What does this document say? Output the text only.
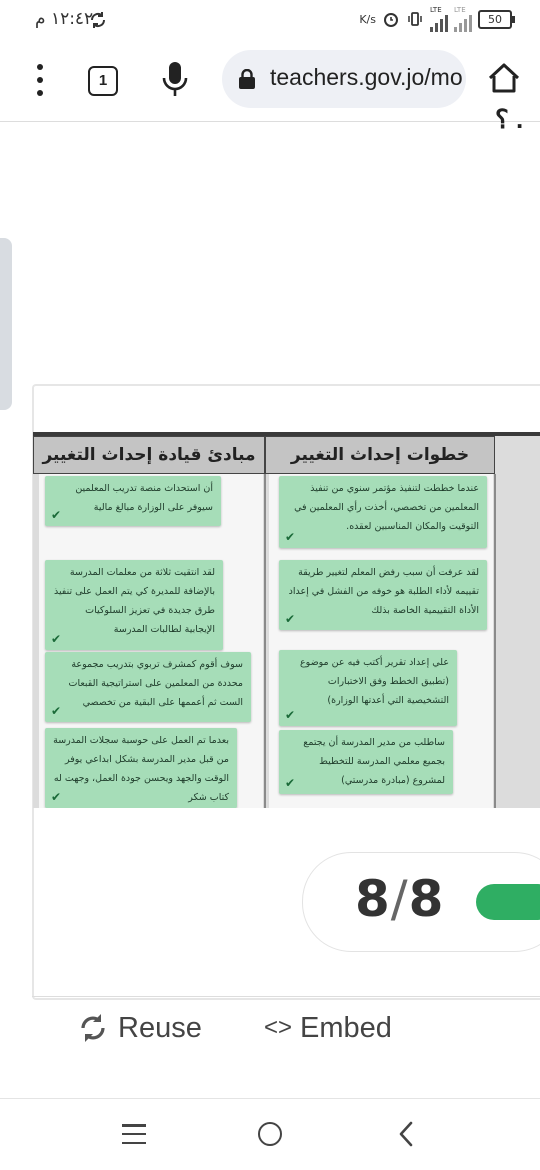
١٢:٤٢ م	K/s
LTE LTE
50
1	teachers.gov.jo/mo
؟ .
مبادئ قيادة إحداث التغيير	خطوات إحداث التغيير
أن استحداث منصة تدريب المعلمين سيوفر على الوزارة مبالغ مالية
✔
لقد انتقيت ثلاثة من معلمات المدرسة بالإضافة للمديرة كي يتم العمل على تنفيذ طرق جديدة في تعزيز السلوكيات الإيجابية لطالبات المدرسة
✔
سوف أقوم كمشرف تربوي بتدريب مجموعة محددة من المعلمين على استراتيجية القبعات الست ثم أعممها على البقية من تخصصي
✔
بعدما تم العمل على حوسبة سجلات المدرسة من قبل مدير المدرسة بشكل ابداعي يوفر الوقت والجهد ويحسن جودة العمل، وجهت له كتاب شكر
✔
عندما خططت لتنفيذ مؤتمر سنوي من تنفيذ المعلمين من تخصصي، أخذت رأي المعلمين في التوقيت والمكان المناسبين لعقده.
✔
لقد عرفت أن سبب رفض المعلم لتغيير طريقة تقييمه لأداء الطلبة هو خوفه من الفشل في إعداد الأداة التقييمية الخاصة بذلك
✔
علي إعداد تقرير أكتب فيه عن موضوع (تطبيق الخطط وفق الاختبارات التشخيصية التي أعدتها الوزارة)
✔
ساطلب من مدير المدرسة أن يجتمع بجميع معلمي المدرسة للتخطيط لمشروع (مبادرة مدرستي)
✔
8/8
Reuse	<> Embed
